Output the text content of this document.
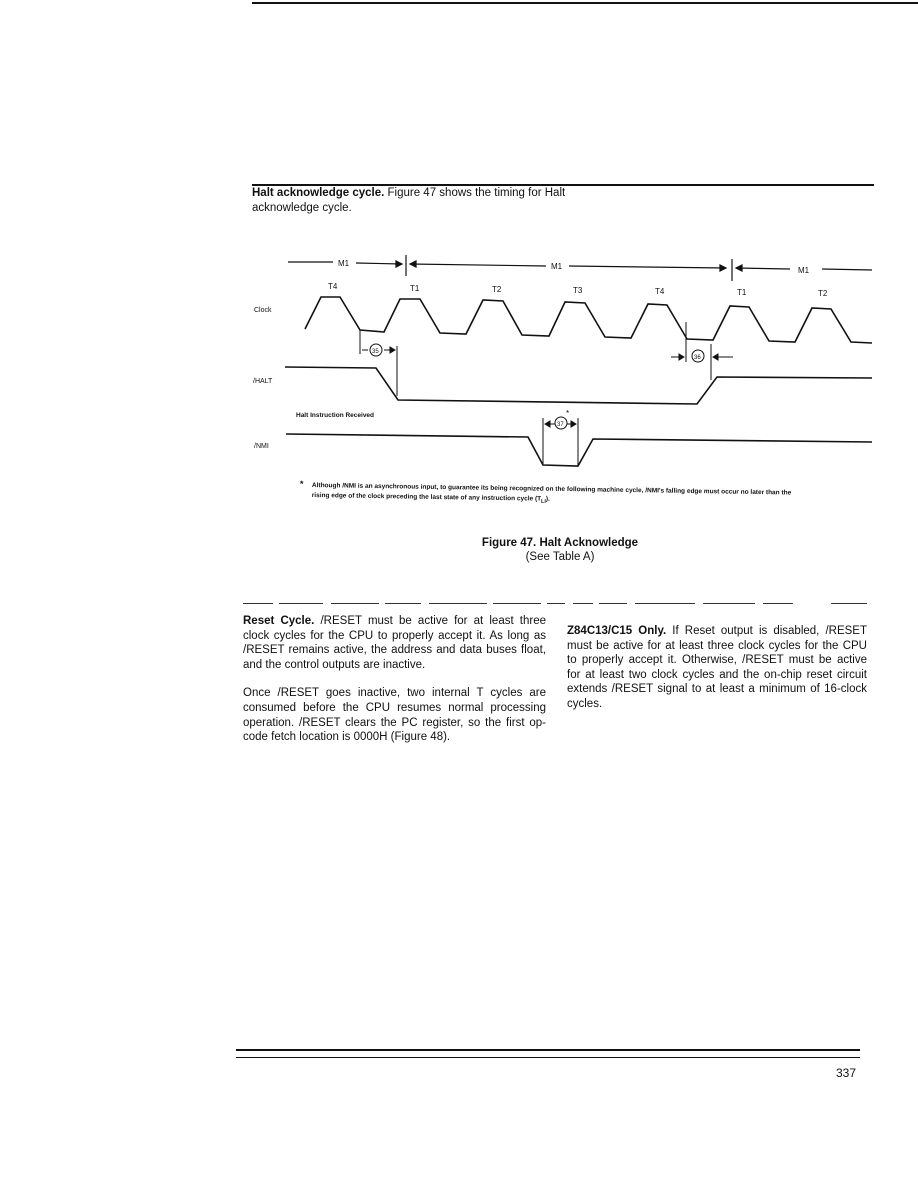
Halt acknowledge cycle. Figure 47 shows the timing for Halt acknowledge cycle.
M1	M1	M1
T4	T1	T2	T3	T4	T1	T2
Clock
/HALT
/NMI
35
36
37
*
Halt Instruction Received
* Although /NMI is an asynchronous input, to guarantee its being recognized on the following machine cycle, /NMI's falling edge must occur no later than the rising edge of the clock preceding the last state of any instruction cycle $(T_{LI})$.
Figure 47. Halt Acknowledge
(See Table A)

Reset Cycle. /RESET must be active for at least three clock cycles for the CPU to properly accept it. As long as /RESET remains active, the address and data buses float, and the control outputs are inactive.

Once /RESET goes inactive, two internal T cycles are consumed before the CPU resumes normal processing operation. /RESET clears the PC register, so the first op-code fetch location is 0000H (Figure 48).

Z84C13/C15 Only. If Reset output is disabled, /RESET must be active for at least three clock cycles for the CPU to properly accept it. Otherwise, /RESET must be active for at least two clock cycles and the on-chip reset circuit extends /RESET signal to at least a minimum of 16-clock cycles.

337
